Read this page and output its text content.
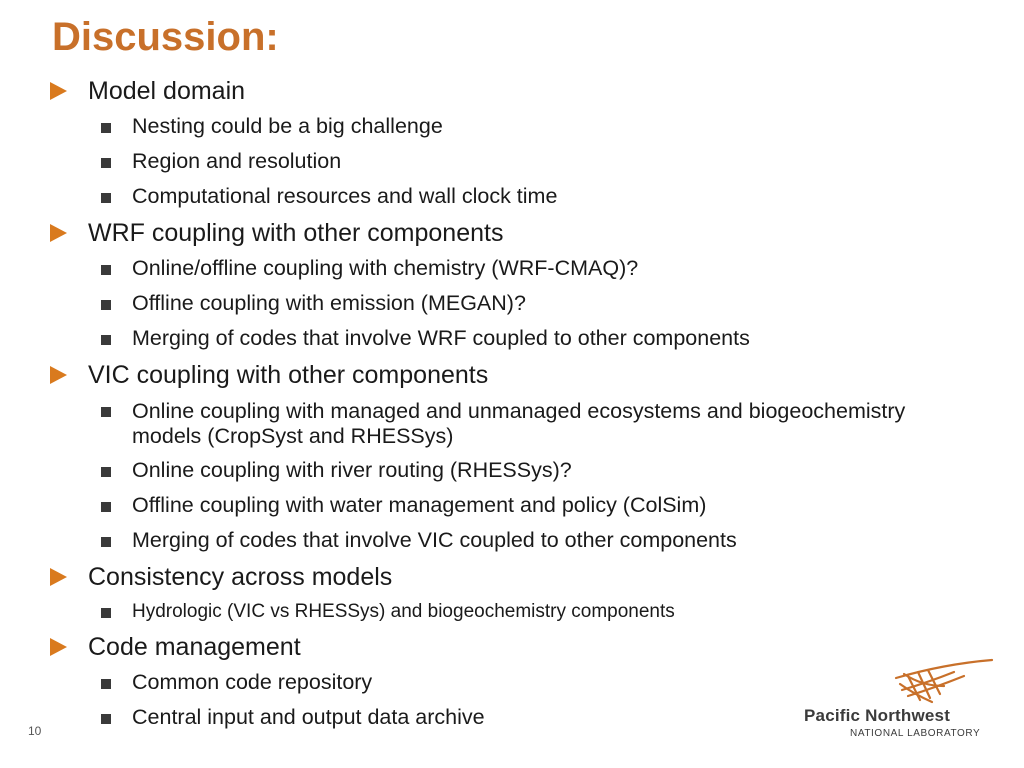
Discussion:
Model domain
Nesting could be a big challenge
Region and resolution
Computational resources and wall clock time
WRF coupling with other components
Online/offline coupling with chemistry (WRF-CMAQ)?
Offline coupling with emission (MEGAN)?
Merging of codes that involve WRF coupled to other components
VIC coupling with other components
Online coupling with managed and unmanaged ecosystems and biogeochemistry models (CropSyst and RHESSys)
Online coupling with river routing (RHESSys)?
Offline coupling with water management and policy (ColSim)
Merging of codes that involve VIC coupled to other components
Consistency across models
Hydrologic (VIC vs RHESSys) and biogeochemistry components
Code management
Common code repository
Central input and output data archive
10
Pacific Northwest
NATIONAL LABORATORY
